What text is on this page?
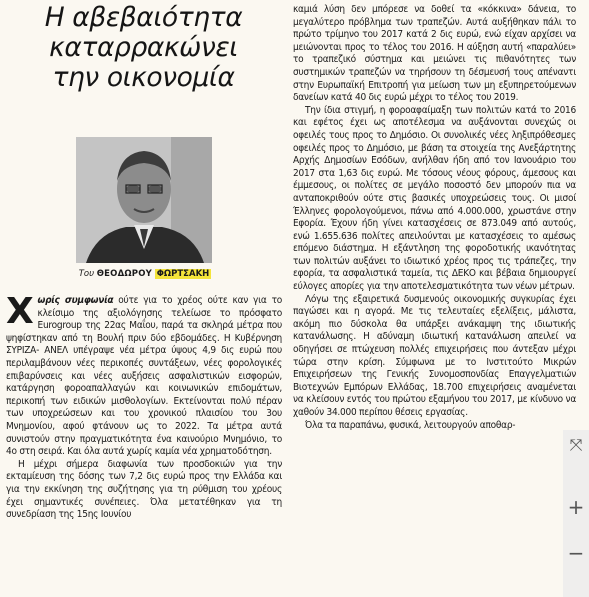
Η αβεβαιότητα
καταρρακώνει
την οικονομία
Του ΘΕΟΔΩΡΟΥ ΦΩΡΤΣΑΚΗ

Χωρίς συμφωνία ούτε για το χρέος ούτε καν για το κλείσιμο της αξιολόγησης τελείωσε το πρόσφατο Eurogroup της 22ας Μαΐου, παρά τα σκληρά μέτρα που ψηφίστηκαν από τη Βουλή πριν δύο εβδομάδες. Η Κυβέρνηση ΣΥΡΙΖΑ- ΑΝΕΛ υπέγραψε νέα μέτρα ύψους 4,9 δις ευρώ που περιλαμβάνουν νέες περικοπές συντάξεων, νέες φορολογικές επιβαρύνσεις και νέες αυξήσεις ασφαλιστικών εισφορών, κατάργηση φοροαπαλλαγών και κοινωνικών επιδομάτων, περικοπή των ειδικών μισθολογίων. Εκτείνονται πολύ πέραν των υποχρεώσεων και του χρονικού πλαισίου του 3ου Μνημονίου, αφού φτάνουν ως το 2022. Τα μέτρα αυτά συνιστούν στην πραγματικότητα ένα καινούριο Μνημόνιο, το 4ο στη σειρά. Και όλα αυτά χωρίς καμία νέα χρηματοδότηση.

Η μέχρι σήμερα διαφωνία των προσδοκιών για την εκταμίευση της δόσης των 7,2 δις ευρώ προς την Ελλάδα και για την εκκίνηση της συζήτησης για τη ρύθμιση του χρέους έχει σημαντικές συνέπειες. Όλα μετατέθηκαν για τη συνεδρίαση της 15ης Ιουνίου

καμιά λύση δεν μπόρεσε να δοθεί τα «κόκκινα» δάνεια, το μεγαλύτερο πρόβλημα των τραπεζών. Αυτά αυξήθηκαν πάλι το πρώτο τρίμηνο του 2017 κατά 2 δις ευρώ, ενώ είχαν αρχίσει να μειώνονται προς το τέλος του 2016. Η αύξηση αυτή «παραλύει» το τραπεζικό σύστημα και μειώνει τις πιθανότητες των συστημικών τραπεζών να τηρήσουν τη δέσμευσή τους απέναντι στην Ευρωπαϊκή Επιτροπή για μείωση των μη εξυπηρετούμενων δανείων κατά 40 δις ευρώ μέχρι το τέλος του 2019.

Την ίδια στιγμή, η φοροαφαίμαξη των πολιτών κατά το 2016 και εφέτος έχει ως αποτέλεσμα να αυξάνονται συνεχώς οι οφειλές τους προς το Δημόσιο. Οι συνολικές νέες ληξιπρόθεσμες οφειλές προς το Δημόσιο, με βάση τα στοιχεία της Ανεξάρτητης Αρχής Δημοσίων Εσόδων, ανήλθαν ήδη από τον Ιανουάριο του 2017 στα 1,63 δις ευρώ. Με τόσους νέους φόρους, άμεσους και έμμεσους, οι πολίτες σε μεγάλο ποσοστό δεν μπορούν πια να ανταποκριθούν ούτε στις βασικές υποχρεώσεις τους. Οι μισοί Έλληνες φορολογούμενοι, πάνω από 4.000.000, χρωστάνε στην Εφορία. Έχουν ήδη γίνει κατασχέσεις σε 873.049 από αυτούς, ενώ 1.655.636 πολίτες απειλούνται με κατασχέσεις το αμέσως επόμενο διάστημα. Η εξάντληση της φοροδοτικής ικανότητας των πολιτών αυξάνει το ιδιωτικό χρέος προς τις τράπεζες, την εφορία, τα ασφαλιστικά ταμεία, τις ΔΕΚΟ και βέβαια δημιουργεί εύλογες απορίες για την αποτελεσματικότητα των νέων μέτρων.

Λόγω της εξαιρετικά δυσμενούς οικονομικής συγκυρίας έχει παγώσει και η αγορά. Με τις τελευταίες εξελίξεις, μάλιστα, ακόμη πιο δύσκολα θα υπάρξει ανάκαμψη της ιδιωτικής κατανάλωσης. Η αδύναμη ιδιωτική κατανάλωση απειλεί να οδηγήσει σε πτώχευση πολλές επιχειρήσεις που άντεξαν μέχρι τώρα στην κρίση. Σύμφωνα με το Ινστιτούτο Μικρών Επιχειρήσεων της Γενικής Συνομοσπονδίας Επαγγελματιών Βιοτεχνών Εμπόρων Ελλάδας, 18.700 επιχειρήσεις αναμένεται να κλείσουν εντός του πρώτου εξαμήνου του 2017, με κίνδυνο να χαθούν 34.000 περίπου θέσεις εργασίας.

Όλα τα παραπάνω, φυσικά, λειτουργούν αποθαρ-

⤧
+
−
